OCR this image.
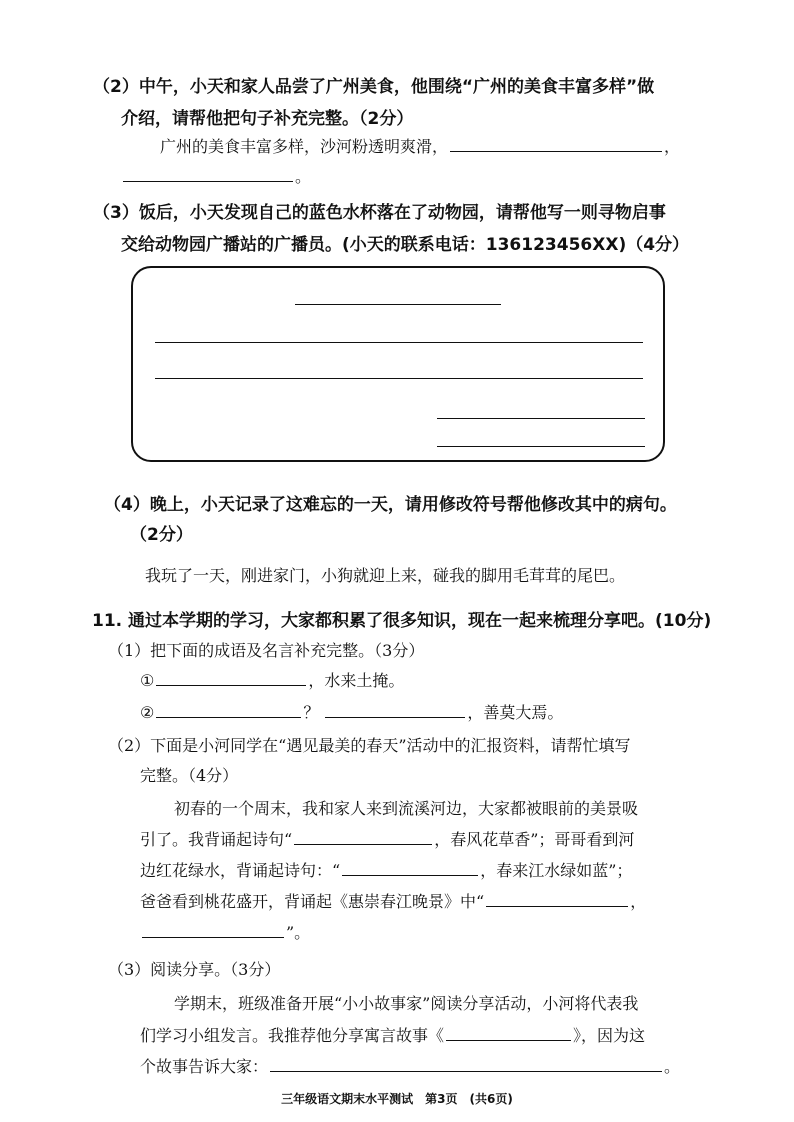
（2）中午，小天和家人品尝了广州美食，他围绕“广州的美食丰富多样”做
介绍，请帮他把句子补充完整。（2分）
广州的美食丰富多样，沙河粉透明爽滑，	，
。
（3）饭后，小天发现自己的蓝色水杯落在了动物园，请帮他写一则寻物启事
交给动物园广播站的广播员。(小天的联系电话：136123456XX)（4分）
（4）晚上，小天记录了这难忘的一天，请用修改符号帮他修改其中的病句。
（2分）
我玩了一天，刚进家门，小狗就迎上来，碰我的脚用毛茸茸的尾巴。
11. 通过本学期的学习，大家都积累了很多知识，现在一起来梳理分享吧。(10分)
（1）把下面的成语及名言补充完整。（3分）
①	，水来土掩。
②	？	，善莫大焉。
（2）下面是小河同学在“遇见最美的春天”活动中的汇报资料，请帮忙填写
完整。（4分）
初春的一个周末，我和家人来到流溪河边，大家都被眼前的美景吸
引了。我背诵起诗句“	，春风花草香”；哥哥看到河
边红花绿水，背诵起诗句：“	，春来江水绿如蓝”；
爸爸看到桃花盛开，背诵起《惠崇春江晚景》中“	，
”。
（3）阅读分享。（3分）
学期末，班级准备开展“小小故事家”阅读分享活动，小河将代表我
们学习小组发言。我推荐他分享寓言故事《	》，因为这
个故事告诉大家：	。
三年级语文期末水平测试　第3页　(共6页)
